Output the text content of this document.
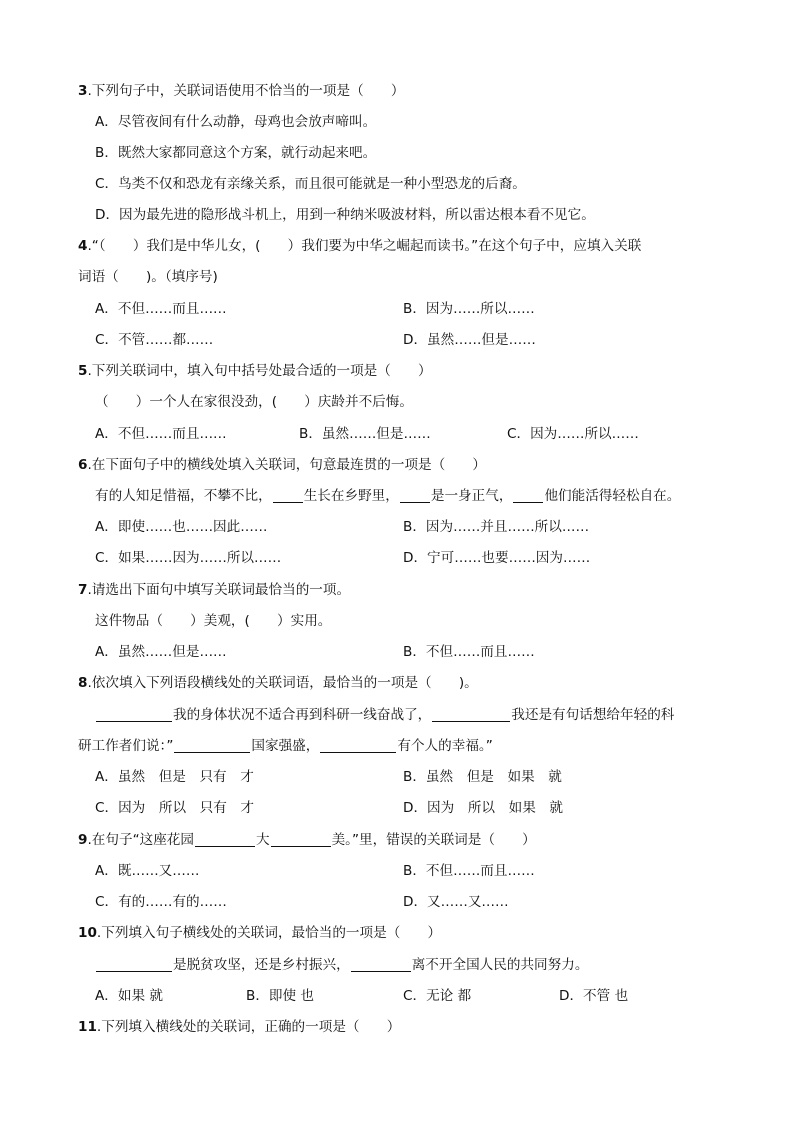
3.下列句子中，关联词语使用不恰当的一项是（　　）
A．尽管夜间有什么动静，母鸡也会放声啼叫。
B．既然大家都同意这个方案，就行动起来吧。
C．鸟类不仅和恐龙有亲缘关系，而且很可能就是一种小型恐龙的后裔。
D．因为最先进的隐形战斗机上，用到一种纳米吸波材料，所以雷达根本看不见它。
4.“（　　）我们是中华儿女，(　　）我们要为中华之崛起而读书。”在这个句子中，应填入关联
词语（　　)。（填序号)
A．不但……而且……	B．因为……所以……
C．不管……都……	D．虽然……但是……
5.下列关联词中，填入句中括号处最合适的一项是（　　）
（　　）一个人在家很没劲，(　　）庆龄并不后悔。
A．不但……而且……	B．虽然……但是……	C．因为……所以……
6.在下面句子中的横线处填入关联词，句意最连贯的一项是（　　）
有的人知足惜福，不攀不比， 生长在乡野里， 是一身正气， 他们能活得轻松自在。
A．即使……也……因此……	B．因为……并且……所以……
C．如果……因为……所以……	D．宁可……也要……因为……
7.请选出下面句中填写关联词最恰当的一项。
这件物品（　　）美观，(　　）实用。
A．虽然……但是……	B．不但……而且……
8.依次填入下列语段横线处的关联词语，最恰当的一项是（　　)。
我的身体状况不适合再到科研一线奋战了，	我还是有句话想给年轻的科
研工作者们说：”	国家强盛，	有个人的幸福。”
A．虽然　但是　只有　才	B．虽然　但是　如果　就
C．因为　所以　只有　才	D．因为　所以　如果　就
9.在句子“这座花园	大	美。”里，错误的关联词是（　　）
A．既……又……	B．不但……而且……
C．有的……有的……	D．又……又……
10.下列填入句子横线处的关联词，最恰当的一项是（　　）
是脱贫攻坚，还是乡村振兴，	离不开全国人民的共同努力。
A．如果 就	B．即使 也	C．无论 都	D．不管 也
11.下列填入横线处的关联词，正确的一项是（　　）
